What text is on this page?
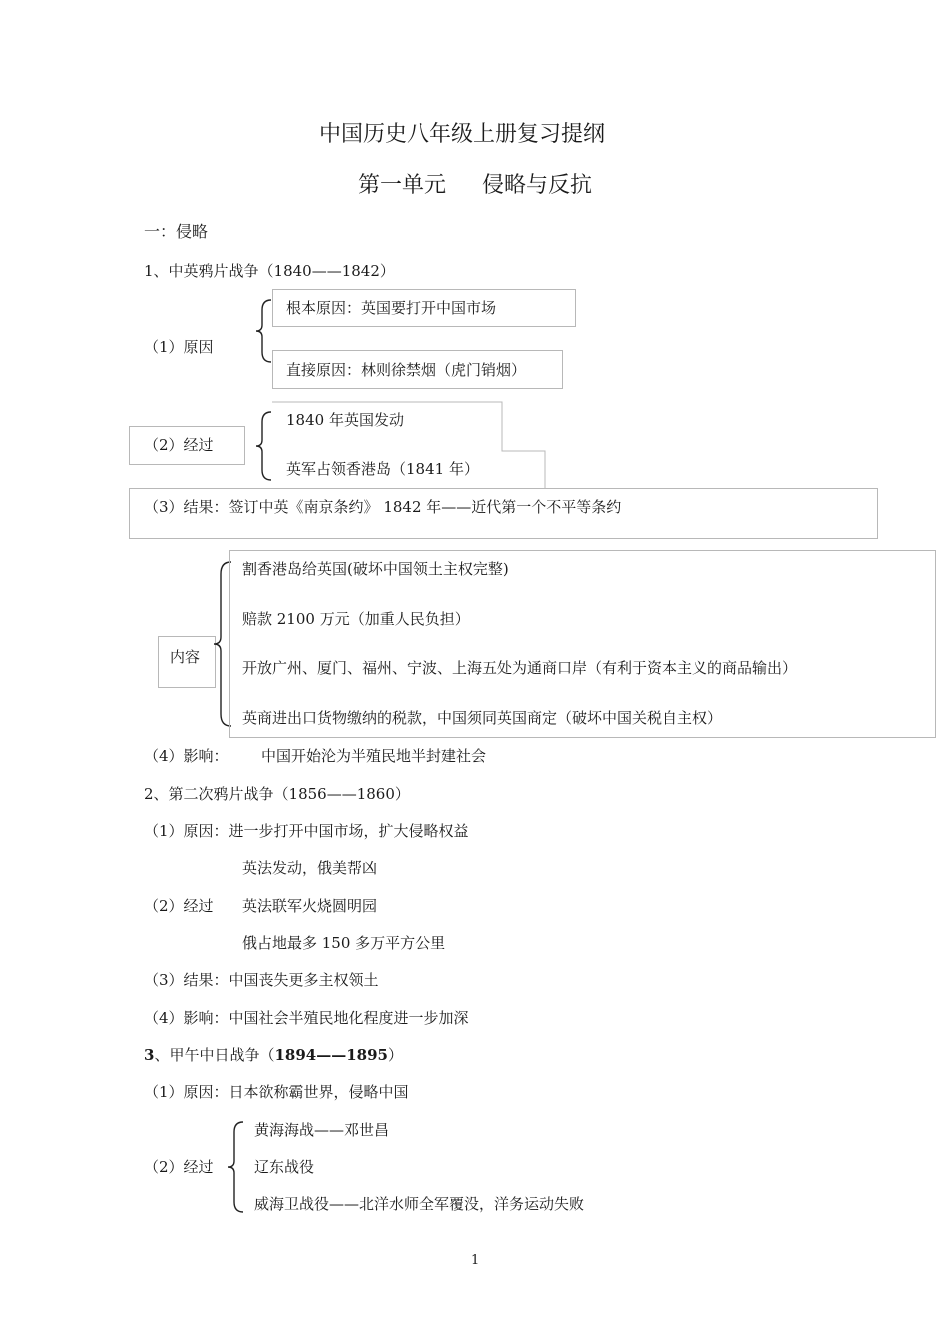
中国历史八年级上册复习提纲
第一单元 侵略与反抗
一：侵略
1、中英鸦片战争（1840——1842）
（1）原因
根本原因：英国要打开中国市场
直接原因：林则徐禁烟（虎门销烟）
（2）经过
1840 年英国发动
英军占领香港岛（1841 年）
（3）结果：签订中英《南京条约》 1842 年——近代第一个不平等条约
内容
割香港岛给英国(破坏中国领土主权完整)
赔款 2100 万元（加重人民负担）
开放广州、厦门、福州、宁波、上海五处为通商口岸（有利于资本主义的商品输出）
英商进出口货物缴纳的税款，中国须同英国商定（破坏中国关税自主权）
（4）影响： 中国开始沦为半殖民地半封建社会
2、第二次鸦片战争（1856——1860）
（1）原因：进一步打开中国市场，扩大侵略权益
英法发动，俄美帮凶
（2）经过 英法联军火烧圆明园
俄占地最多 150 多万平方公里
（3）结果：中国丧失更多主权领土
（4）影响：中国社会半殖民地化程度进一步加深
3、甲午中日战争（1894——1895）
（1）原因：日本欲称霸世界，侵略中国
（2）经过
黄海海战——邓世昌
辽东战役
威海卫战役——北洋水师全军覆没，洋务运动失败
1
